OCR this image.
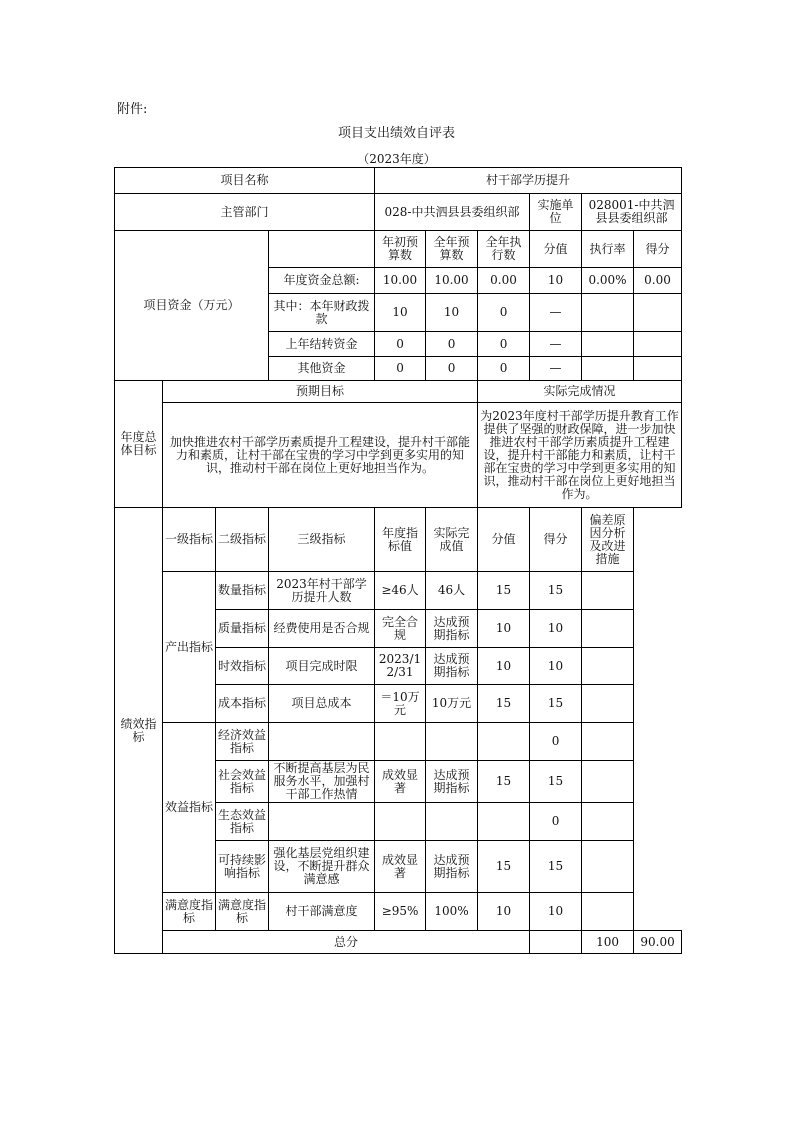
附件:
项目支出绩效自评表
（2023年度）
项目名称				村干部学历提升						
主管部门				028-中共泗县县委组织部			实施单位	028001-中共泗县县委组织部		
项目资金（万元）				年初预算数	全年预算数	全年执行数	分值	执行率	得分	
			年度资金总额:	10.00	10.00	0.00	10	0.00%	0.00	
			其中：本年财政拨款	10	10	0	—			
			上年结转资金	0	0	0	—			
			其他资金	0	0	0	—			
年度总体目标	预期目标					实际完成情况				
	加快推进农村干部学历素质提升工程建设，提升村干部能力和素质，让村干部在宝贵的学习中学到更多实用的知识，推动村干部在岗位上更好地担当作为。					为2023年度村干部学历提升教育工作提供了坚强的财政保障，进一步加快推进农村干部学历素质提升工程建设，提升村干部能力和素质，让村干部在宝贵的学习中学到更多实用的知识，推动村干部在岗位上更好地担当作为。				
绩效指标	一级指标	二级指标	三级指标	年度指标值	实际完成值	分值	得分	偏差原因分析及改进措施		
	产出指标	数量指标	2023年村干部学历提升人数	≥46人	46人	15	15			
		质量指标	经费使用是否合规	完全合规	达成预期指标	10	10			
		时效指标	项目完成时限	2023/12/31	达成预期指标	10	10			
		成本指标	项目总成本	＝10万元	10万元	15	15			
	效益指标	经济效益指标					0			
		社会效益指标	不断提高基层为民服务水平，加强村干部工作热情	成效显著	达成预期指标	15	15			
		生态效益指标					0			
		可持续影响指标	强化基层党组织建设，不断提升群众满意感	成效显著	达成预期指标	15	15			
	满意度指标	满意度指标	村干部满意度	≥95%	100%	10	10			
	总分							100	90.00	
